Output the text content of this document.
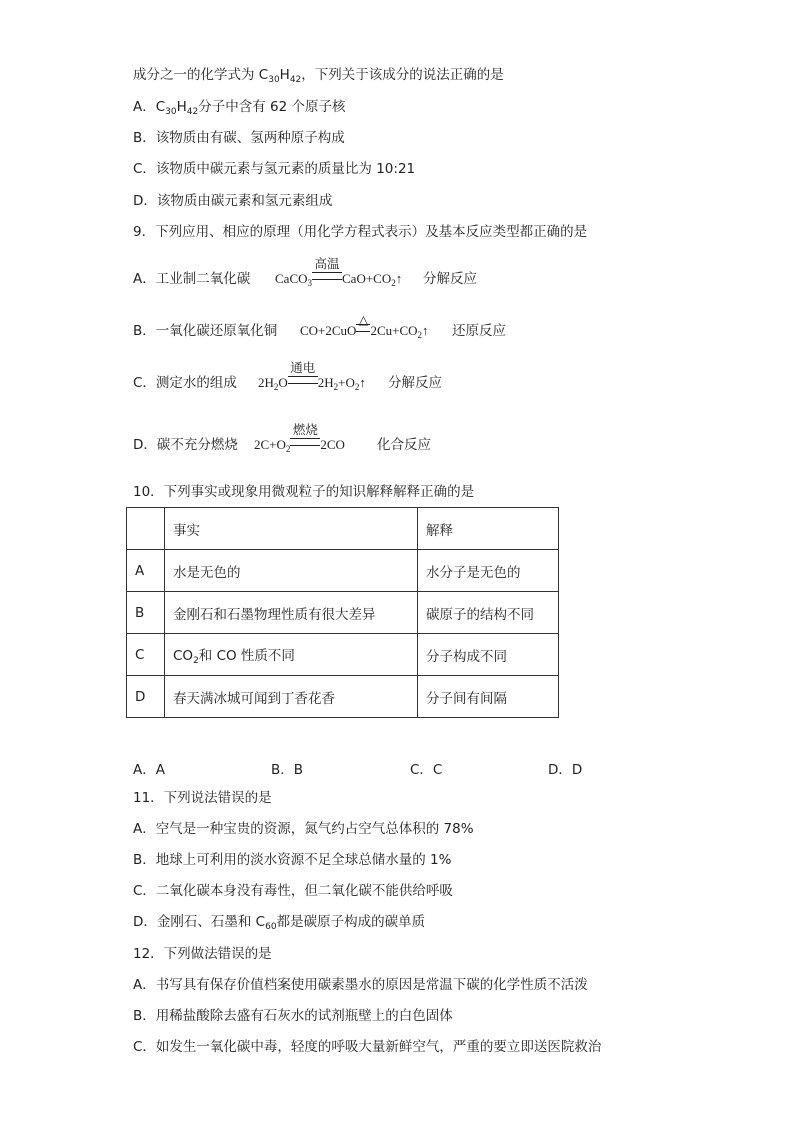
成分之一的化学式为 $C_{30}H_{42}$，下列关于该成分的说法正确的是
A．$C_{30}H_{42}$分子中含有 62 个原子核
B．该物质由有碳、氢两种原子构成
C．该物质中碳元素与氢元素的质量比为 10:21
D．该物质由碳元素和氢元素组成
9．下列应用、相应的原理（用化学方程式表示）及基本反应类型都正确的是
A．工业制二氧化碳 CaCO$_3$
高温
$CaO+CO_2↑$ 分解反应
B．一氧化碳还原氧化铜 CO+2CuO
△
$2Cu+CO_2↑$ 还原反应
C．测定水的组成 $2H_2O$
通电
$2H_2+O_2↑$ 分解反应
D．碳不充分燃烧 $2C+O_2$
燃烧
2CO 化合反应
10．下列事实或现象用微观粒子的知识解释解释正确的是
	事实	解释
A	水是无色的	水分子是无色的
B	金刚石和石墨物理性质有很大差异	碳原子的结构不同
C	$CO_2$和 CO 性质不同	分子构成不同
D	春天满冰城可闻到丁香花香	分子间有间隔
A．A	B．B	C．C	D．D
11．下列说法错误的是
A．空气是一种宝贵的资源，氮气约占空气总体积的 78%
B．地球上可利用的淡水资源不足全球总储水量的 1%
C．二氧化碳本身没有毒性，但二氧化碳不能供给呼吸
D．金刚石、石墨和 $C_{60}$都是碳原子构成的碳单质
12．下列做法错误的是
A．书写具有保存价值档案使用碳素墨水的原因是常温下碳的化学性质不活泼
B．用稀盐酸除去盛有石灰水的试剂瓶壁上的白色固体
C．如发生一氧化碳中毒，轻度的呼吸大量新鲜空气，严重的要立即送医院救治
